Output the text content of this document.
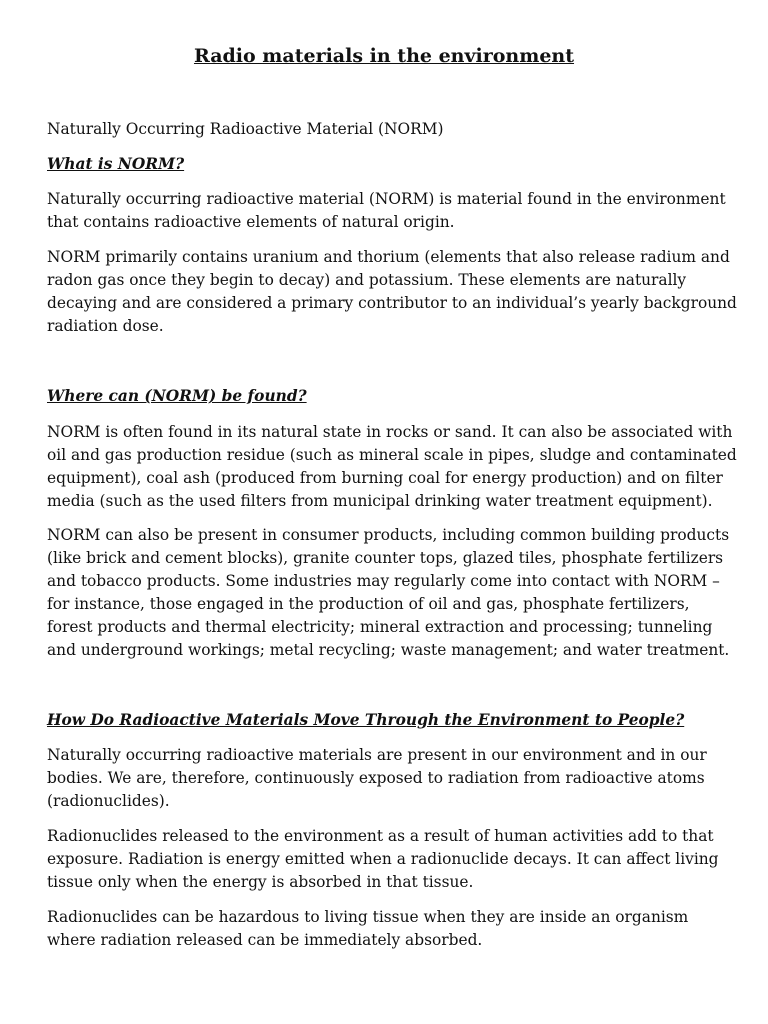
Radio materials in the environment

Naturally Occurring Radioactive Material (NORM)

What is NORM?

Naturally occurring radioactive material (NORM) is material found in the environment that contains radioactive elements of natural origin.

NORM primarily contains uranium and thorium (elements that also release radium and radon gas once they begin to decay) and potassium. These elements are naturally decaying and are considered a primary contributor to an individual’s yearly background radiation dose.

Where can (NORM) be found?

NORM is often found in its natural state in rocks or sand. It can also be associated with oil and gas production residue (such as mineral scale in pipes, sludge and contaminated equipment), coal ash (produced from burning coal for energy production) and on filter media (such as the used filters from municipal drinking water treatment equipment).

NORM can also be present in consumer products, including common building products (like brick and cement blocks), granite counter tops, glazed tiles, phosphate fertilizers and tobacco products. Some industries may regularly come into contact with NORM – for instance, those engaged in the production of oil and gas, phosphate fertilizers, forest products and thermal electricity; mineral extraction and processing; tunneling and underground workings; metal recycling; waste management; and water treatment.

How Do Radioactive Materials Move Through the Environment to People?

Naturally occurring radioactive materials are present in our environment and in our bodies. We are, therefore, continuously exposed to radiation from radioactive atoms (radionuclides).

Radionuclides released to the environment as a result of human activities add to that exposure. Radiation is energy emitted when a radionuclide decays. It can affect living tissue only when the energy is absorbed in that tissue.

Radionuclides can be hazardous to living tissue when they are inside an organism where radiation released can be immediately absorbed.
